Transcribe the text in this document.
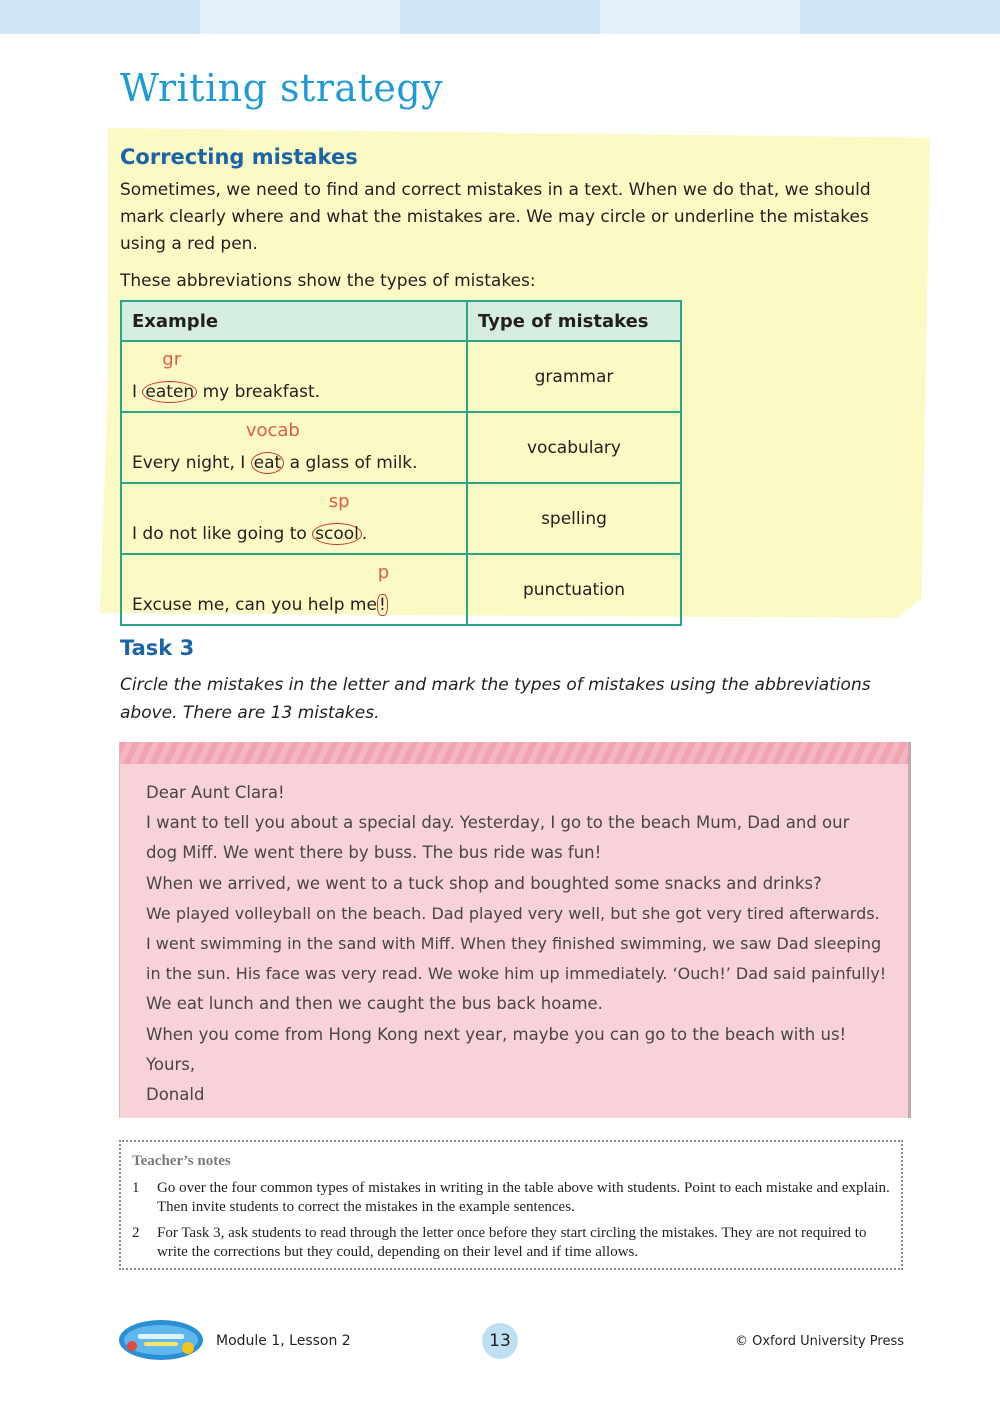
Writing strategy
Correcting mistakes
Sometimes, we need to find and correct mistakes in a text. When we do that, we should mark clearly where and what the mistakes are. We may circle or underline the mistakes using a red pen.
These abbreviations show the types of mistakes:
Example	Type of mistakes
I
gr
eaten my breakfast.	grammar
Every night, I
vocab
eat a glass of milk.	vocabulary
I do not like going to
sp
scool .	spelling
Excuse me, can you help me
p
!	punctuation
Task 3
Circle the mistakes in the letter and mark the types of mistakes using the abbreviations above. There are 13 mistakes.
Dear Aunt Clara!
I want to tell you about a special day. Yesterday, I go to the beach Mum, Dad and our
dog Miff. We went there by buss. The bus ride was fun!
When we arrived, we went to a tuck shop and boughted some snacks and drinks?
We played volleyball on the beach. Dad played very well, but she got very tired afterwards.
I went swimming in the sand with Miff. When they finished swimming, we saw Dad sleeping
in the sun. His face was very read. We woke him up immediately. ‘Ouch!’ Dad said painfully!
We eat lunch and then we caught the bus back hoame.
When you come from Hong Kong next year, maybe you can go to the beach with us!
Yours,
Donald
Teacher’s notes
1 Go over the four common types of mistakes in writing in the table above with students. Point to each mistake and explain. Then invite students to correct the mistakes in the example sentences.
2 For Task 3, ask students to read through the letter once before they start circling the mistakes. They are not required to write the corrections but they could, depending on their level and if time allows.
Module 1, Lesson 2	13	© Oxford University Press
